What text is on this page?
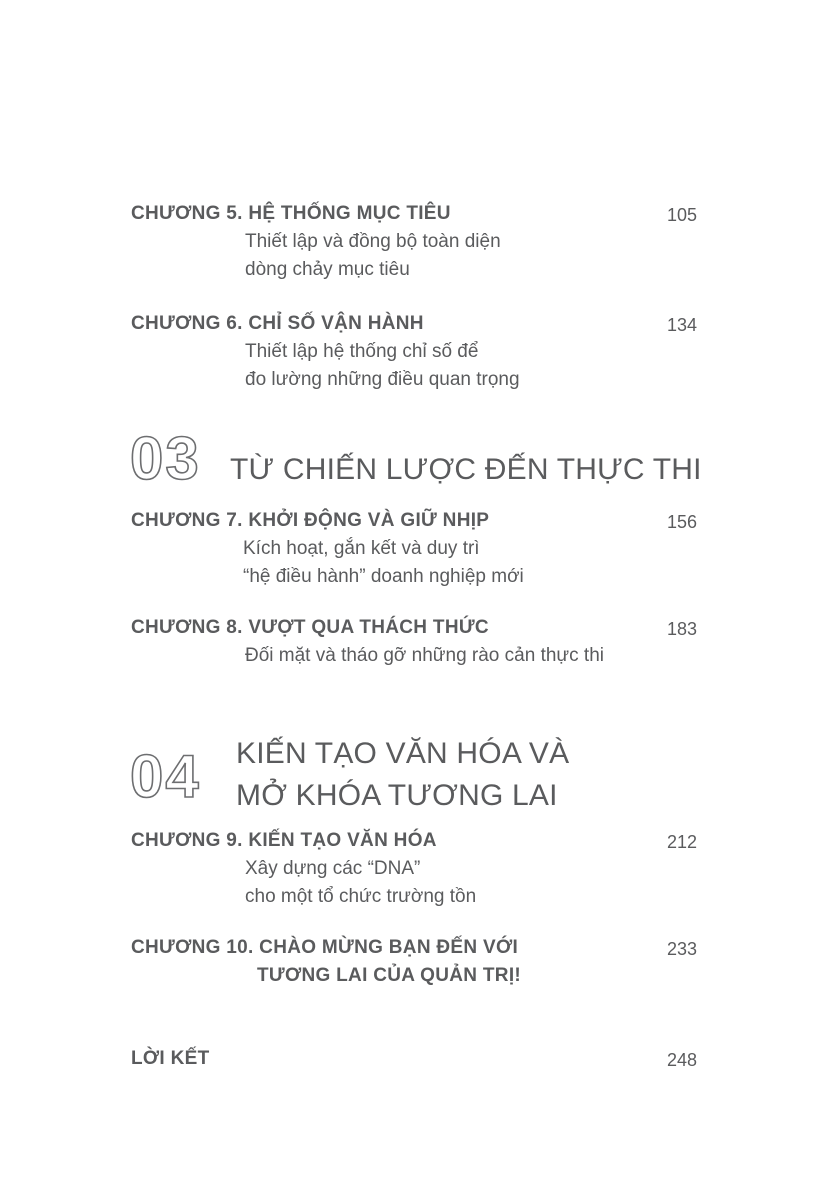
CHƯƠNG 5. HỆ THỐNG MỤC TIÊU	105
Thiết lập và đồng bộ toàn diện
dòng chảy mục tiêu
CHƯƠNG 6. CHỈ SỐ VẬN HÀNH	134
Thiết lập hệ thống chỉ số để
đo lường những điều quan trọng
03 TỪ CHIẾN LƯỢC ĐẾN THỰC THI
CHƯƠNG 7. KHỞI ĐỘNG VÀ GIỮ NHỊP	156
Kích hoạt, gắn kết và duy trì
“hệ điều hành” doanh nghiệp mới
CHƯƠNG 8. VƯỢT QUA THÁCH THỨC	183
Đối mặt và tháo gỡ những rào cản thực thi
04 KIẾN TẠO VĂN HÓA VÀ
MỞ KHÓA TƯƠNG LAI
CHƯƠNG 9. KIẾN TẠO VĂN HÓA	212
Xây dựng các “DNA”
cho một tổ chức trường tồn
CHƯƠNG 10. CHÀO MỪNG BẠN ĐẾN VỚI	233
TƯƠNG LAI CỦA QUẢN TRỊ!
LỜI KẾT	248
